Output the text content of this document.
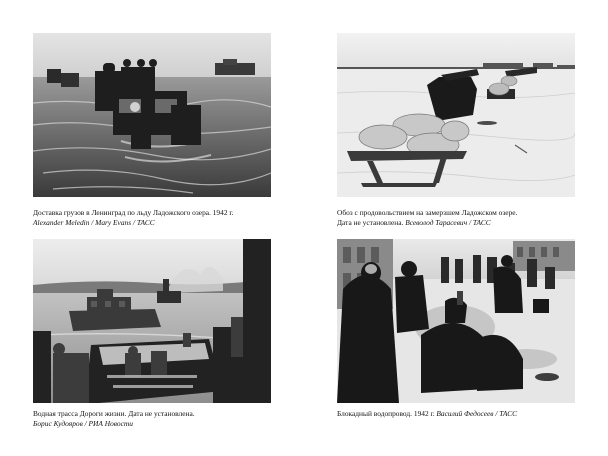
Доставка грузов в Ленинград по льду Ладожского озера. 1942 г.
Alexander Meledin / Mary Evans / ТАСС
Обоз с продовольствием на замерзшем Ладожском озере.
Дата не установлена. Всеволод Тарасевич / ТАСС
Водная трасса Дороги жизни. Дата не установлена.
Борис Кудояров / РИА Новости
Блокадный водопровод. 1942 г. Василий Федосеев / ТАСС
